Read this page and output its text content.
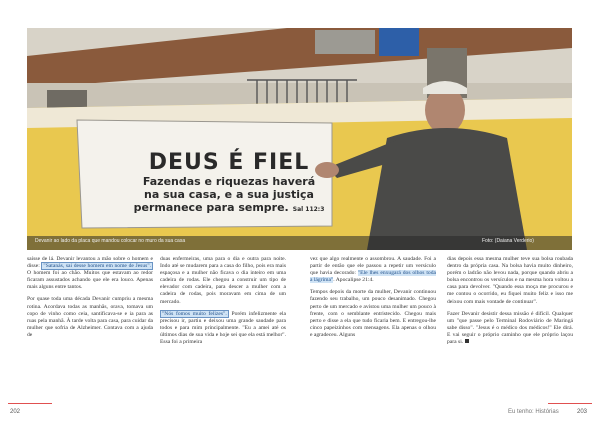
DEUS É FIEL
Fazendas e riquezas haverá
na sua casa, e a sua justiça
permanece para sempre. Sal 112:3
Devanir ao lado da placa que mandou colocar no muro da sua casa	Foto: (Daiana Verderio)

saísse de lá. Devanir levantou a mão sobre o homem e disse: "Satanás, sai desse homem em nome de Jesus". O homem foi ao chão. Muitos que estavam ao redor ficaram assustados achando que ele era louco. Apenas mais alguns entre tantos.

Por quase toda uma década Devanir cumpriu a mesma rotina. Acordava todas as manhãs, orava, tomava um copo de vinho como ceia, santificava-se e ia para as ruas pela manhã. À tarde volta para casa, para cuidar da mulher que sofria de Alzheimer. Contava com a ajuda de

duas enfermeiras, uma para o dia e outra para noite. Indo até se mudarem para a casa do filho, pois era mais espaçosa e a mulher não ficava o dia inteiro em uma cadeira de rodas. Ele chegou a construir um tipo de elevador com cadeira, para descer a mulher com a cadeira de rodas, pois moravam em cima de um mercado.

"Nós fomos muito felizes". Porém infelizmente ela precisou ir, partiu e deixou uma grande saudade para todos e para mim principalmente. "Eu a amei até os últimos dias de sua vida e hoje sei que ela está melhor". Essa foi a primeira

vez que algo realmente o assombrou. A saudade. Foi a partir de então que ele passou a repetir um versículo que havia decorado: "Ele lhes enxugará dos olhos toda a lágrima". Apocalipse 21:4.

Tempos depois da morte da mulher, Devanir continuou fazendo seu trabalho, um pouco desanimado. Chegou perto de um mercado e avistou uma mulher um pouco à frente, com o semblante entristecido. Chegou mais perto e disse a ela que tudo ficaria bem. E entregou-lhe cinco papeizinhos com mensagens. Ela apenas o olhou e agradeceu. Alguns

dias depois essa mesma mulher teve sua bolsa roubada dentro da própria casa. Na bolsa havia muito dinheiro, porém o ladrão não levou nada, porque quando abriu a bolsa encontrou os versículos e na mesma hora voltou a casa para devolver. "Quando essa moça me procurou e me contou o ocorrido, eu fiquei muito feliz e isso me deixou com mais vontade de continuar".

Fazer Devanir desistir dessa missão é difícil. Qualquer um "que passe pelo Terminal Rodoviário de Maringá sabe disso". "Jesus é o médico dos médicos!" Ele dirá. E vai seguir o próprio caminho que ele próprio laçou para si.

202	Eu tenho: Histórias	203
